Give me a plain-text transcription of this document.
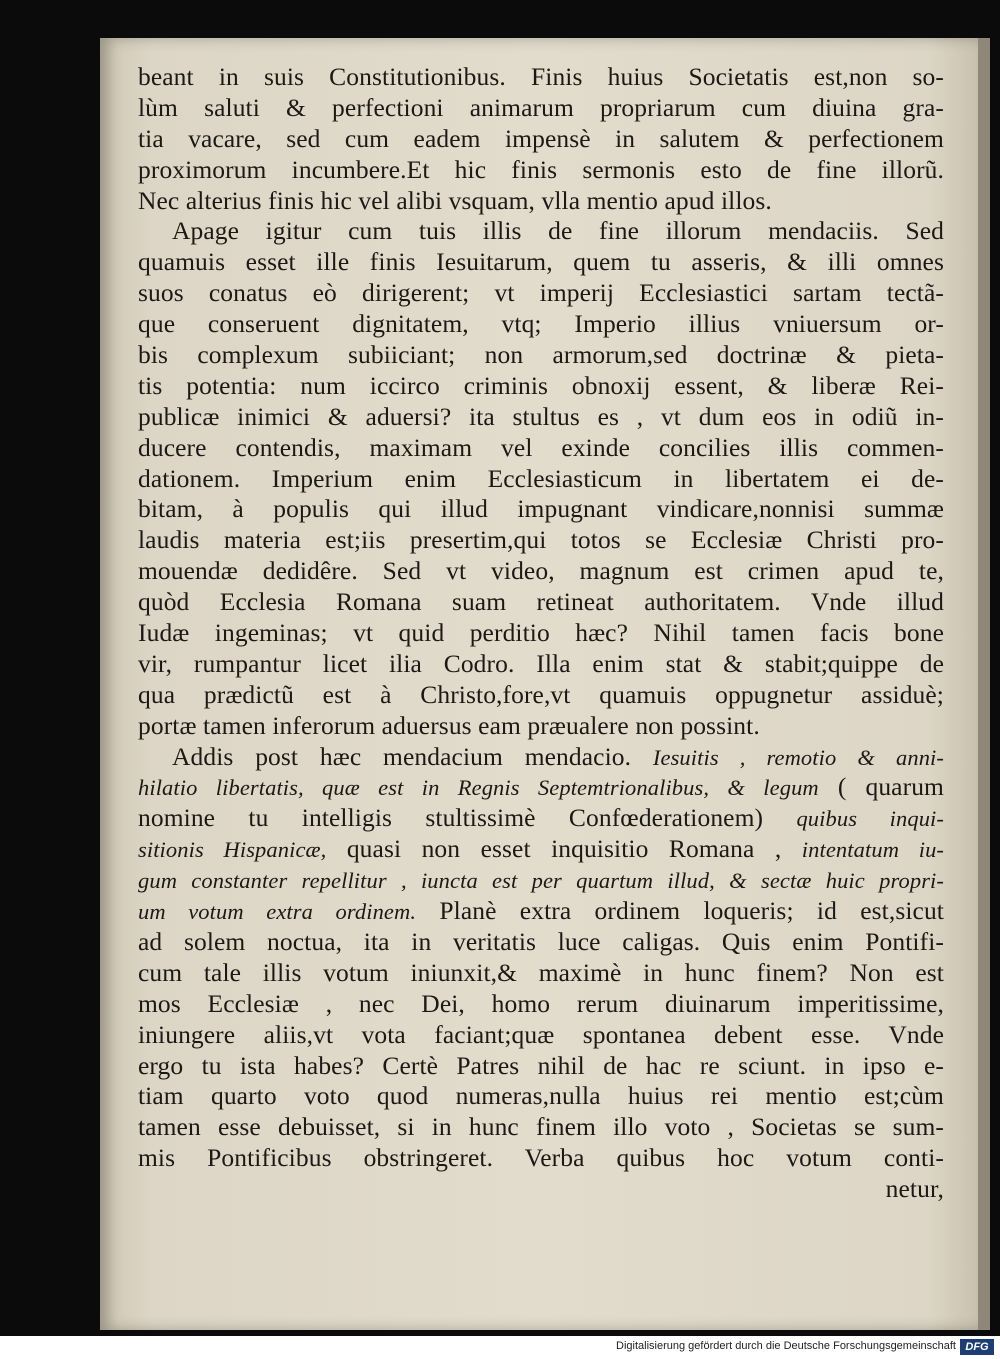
beant in suis Constitutionibus. Finis huius Societatis est,non so-
lùm saluti & perfectioni animarum propriarum cum diuina gra-
tia vacare, sed cum eadem impensè in salutem & perfectionem
proximorum incumbere.Et hic finis sermonis esto de fine illorũ.
Nec alterius finis hic vel alibi vsquam, vlla mentio apud illos.
Apage igitur cum tuis illis de fine illorum mendaciis. Sed
quamuis esset ille finis Iesuitarum, quem tu asseris, & illi omnes
suos conatus eò dirigerent; vt imperij Ecclesiastici sartam tectã-
que conseruent dignitatem, vtq; Imperio illius vniuersum or-
bis complexum subiiciant; non armorum,sed doctrinæ & pieta-
tis potentia: num iccirco criminis obnoxij essent, & liberæ Rei-
publicæ inimici & aduersi? ita stultus es , vt dum eos in odiũ in-
ducere contendis, maximam vel exinde concilies illis commen-
dationem. Imperium enim Ecclesiasticum in libertatem ei de-
bitam, à populis qui illud impugnant vindicare,nonnisi summæ
laudis materia est;iis presertim,qui totos se Ecclesiæ Christi pro-
mouendæ dedidêre. Sed vt video, magnum est crimen apud te,
quòd Ecclesia Romana suam retineat authoritatem. Vnde illud
Iudæ ingeminas; vt quid perditio hæc? Nihil tamen facis bone
vir, rumpantur licet ilia Codro. Illa enim stat & stabit;quippe de
qua prædictũ est à Christo,fore,vt quamuis oppugnetur assiduè;
portæ tamen inferorum aduersus eam præualere non possint.
Addis post hæc mendacium mendacio. Iesuitis , remotio & anni-
hilatio libertatis, quæ est in Regnis Septemtrionalibus, & legum ( quarum
nomine tu intelligis stultissimè Confœderationem) quibus inqui-
sitionis Hispanicæ, quasi non esset inquisitio Romana , intentatum iu-
gum constanter repellitur , iuncta est per quartum illud, & sectæ huic propri-
um votum extra ordinem. Planè extra ordinem loqueris; id est,sicut
ad solem noctua, ita in veritatis luce caligas. Quis enim Pontifi-
cum tale illis votum iniunxit,& maximè in hunc finem? Non est
mos Ecclesiæ , nec Dei, homo rerum diuinarum imperitissime,
iniungere aliis,vt vota faciant;quæ spontanea debent esse. Vnde
ergo tu ista habes? Certè Patres nihil de hac re sciunt. in ipso e-
tiam quarto voto quod numeras,nulla huius rei mentio est;cùm
tamen esse debuisset, si in hunc finem illo voto , Societas se sum-
mis Pontificibus obstringeret. Verba quibus hoc votum conti-
netur,
Digitalisierung gefördert durch die Deutsche Forschungsgemeinschaft DFG
